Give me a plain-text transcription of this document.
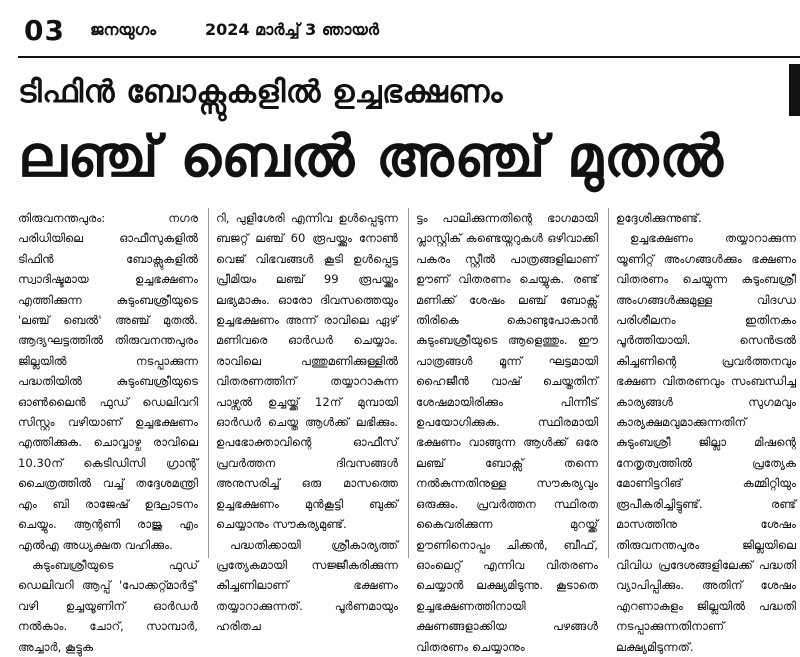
03 ജനയുഗം	2024 മാർച്ച് 3 ഞായർ
ടിഫിൻ ബോക്സുകളിൽ ഉച്ചഭക്ഷണം
ലഞ്ച് ബെൽ അഞ്ച് മുതൽ

തിരുവനന്തപുരം: നഗര പരിധിയിലെ ഓഫീസുകളിൽ ടിഫിൻ ബോക്സുകളിൽ സ്വാദിഷ്ടമായ ഉച്ചഭക്ഷണം എത്തിക്കുന്ന കുടുംബശ്രീയുടെ 'ലഞ്ച് ബെൽ' അഞ്ച് മുതൽ. ആദ്യഘട്ടത്തിൽ തിരുവനന്തപുരം ജില്ലയിൽ നടപ്പാക്കുന്ന പദ്ധതിയിൽ കുടുംബശ്രീയുടെ ഓൺലൈൻ ഫുഡ് ഡെലിവറി സിസ്റ്റം വഴിയാണ് ഉച്ചഭക്ഷണം എത്തിക്കുക. ചൊവ്വാഴ്ച രാവിലെ 10.30ന് കെടിഡിസി ഗ്രാന്റ് ചൈത്രത്തിൽ വച്ച് തദ്ദേശമന്ത്രി എം ബി രാജേഷ് ഉദ്ഘാടനം ചെയ്യും. ആന്റണി രാജു എം എൽഎ അധ്യക്ഷത വഹിക്കും.

കുടുംബശ്രീയുടെ ഫുഡ് ഡെലിവറി ആപ്പ് 'പോക്കറ്റ്മാർട്ട്' വഴി ഉച്ചയൂണിന് ഓർഡർ നൽകാം. ചോറ്, സാമ്പാർ, അച്ചാർ, കൂട്ടുക

റി, പുളിശേരി എന്നിവ ഉൾപ്പെടുന്ന ബജറ്റ് ലഞ്ച് 60 രൂപയ്ക്കും നോൺ വെജ് വിഭവങ്ങൾ കൂടി ഉൾപ്പെട്ട പ്രീമിയം ലഞ്ച് 99 രൂപയ്ക്കും ലഭ്യമാകും. ഓരോ ദിവസത്തെയും ഉച്ചഭക്ഷണം അന്ന് രാവിലെ ഏഴ് മണിവരെ ഓർഡർ ചെയ്യാം. രാവിലെ പത്തുമണിക്കുള്ളിൽ വിതരണത്തിന് തയ്യാറാകുന്ന പാഴ്സൽ ഉച്ചയ്ക്ക് 12ന് മുമ്പായി ഓർഡർ ചെയ്ത ആൾക്ക് ലഭിക്കും. ഉപഭോക്താവിന്റെ ഓഫീസ് പ്രവർത്തന ദിവസങ്ങൾ അനുസരിച്ച് ഒരു മാസത്തെ ഉച്ചഭക്ഷണം മുൻകൂട്ടി ബുക്ക് ചെയ്യാനും സൗകര്യമുണ്ട്.

പദ്ധതിക്കായി ശ്രീകാര്യത്ത് പ്രത്യേകമായി സജ്ജീകരിക്കുന്ന കിച്ചണിലാണ് ഭക്ഷണം തയ്യാറാക്കുന്നത്. പൂർണമായും ഹരിതച

ട്ടം പാലിക്കുന്നതിന്റെ ഭാഗമായി പ്ലാസ്റ്റിക് കണ്ടെയ്നറുകൾ ഒഴിവാക്കി പകരം സ്റ്റീൽ പാത്രങ്ങളിലാണ് ഊണ് വിതരണം ചെയ്യുക. രണ്ട് മണിക്ക് ശേഷം ലഞ്ച് ബോക്സ് തിരികെ കൊണ്ടുപോകാൻ കുടുംബശ്രീയുടെ ആളെത്തും. ഈ പാത്രങ്ങൾ മൂന്ന് ഘട്ടമായി ഹൈജീൻ വാഷ് ചെയ്തതിന് ശേഷമായിരിക്കും പിന്നീട് ഉപയോഗിക്കുക. സ്ഥിരമായി ഭക്ഷണം വാങ്ങുന്ന ആൾക്ക് ഒരേ ലഞ്ച് ബോക്സ് തന്നെ നൽകുന്നതിനുള്ള സൗകര്യവും ഒരുക്കും. പ്രവർത്തന സ്ഥിരത കൈവരിക്കുന്ന മുറയ്ക്ക് ഊണിനൊപ്പം ചിക്കൻ, ബീഫ്, ഓംലെറ്റ് എന്നിവ വിതരണം ചെയ്യാൻ ലക്ഷ്യമിടുന്നു. കൂടാതെ ഉച്ചഭക്ഷണത്തിനായി ക്ഷണങ്ങളാക്കിയ പഴങ്ങൾ വിതരണം ചെയ്യാനും

ഉദ്ദേശിക്കുന്നുണ്ട്.

ഉച്ചഭക്ഷണം തയ്യാറാക്കുന്ന യൂണിറ്റ് അംഗങ്ങൾക്കും ഭക്ഷണം വിതരണം ചെയ്യുന്ന കുടുംബശ്രീ അംഗങ്ങൾക്കുമുള്ള വിദഗ്ധ പരിശീലനം ഇതിനകം പൂർത്തിയായി. സെൻട്രൽ കിച്ചണിന്റെ പ്രവർത്തനവും ഭക്ഷണ വിതരണവും സംബന്ധിച്ച കാര്യങ്ങൾ സുഗമവും കാര്യക്ഷമവുമാക്കുന്നതിന് കുടുംബശ്രീ ജില്ലാ മിഷന്റെ നേതൃത്വത്തിൽ പ്രത്യേക മോണിട്ടറിങ് കമ്മിറ്റിയും രൂപീകരിച്ചിട്ടുണ്ട്. രണ്ട് മാസത്തിനു ശേഷം തിരുവനന്തപുരം ജില്ലയിലെ വിവിധ പ്രദേശങ്ങളിലേക്ക് പദ്ധതി വ്യാപിപ്പിക്കും. അതിന് ശേഷം എറണാകുളം ജില്ലയിൽ പദ്ധതി നടപ്പാക്കുന്നതിനാണ് ലക്ഷ്യമിടുന്നത്.
